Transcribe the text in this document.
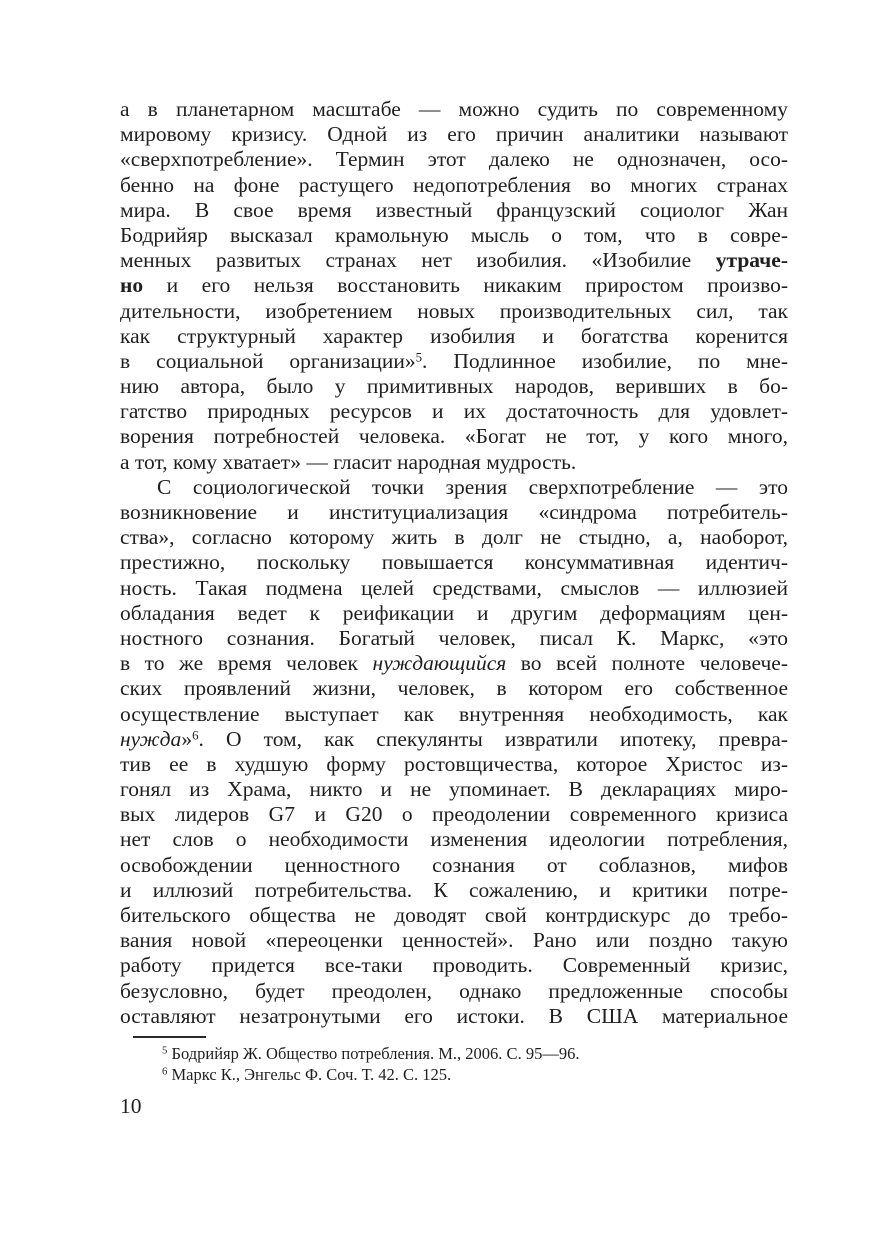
а в планетарном масштабе — можно судить по современному
мировому кризису. Одной из его причин аналитики называют
«сверхпотребление». Термин этот далеко не однозначен, осо-
бенно на фоне растущего недопотребления во многих странах
мира. В свое время известный французский социолог Жан
Бодрийяр высказал крамольную мысль о том, что в совре-
менных развитых странах нет изобилия. «Изобилие утраче-
но и его нельзя восстановить никаким приростом произво-
дительности, изобретением новых производительных сил, так
как структурный характер изобилия и богатства коренится
в социальной организации»$^5$. Подлинное изобилие, по мне-
нию автора, было у примитивных народов, веривших в бо-
гатство природных ресурсов и их достаточность для удовлет-
ворения потребностей человека. «Богат не тот, у кого много,
а тот, кому хватает» — гласит народная мудрость.
С социологической точки зрения сверхпотребление — это
возникновение и институциализация «синдрома потребитель-
ства», согласно которому жить в долг не стыдно, а, наоборот,
престижно, поскольку повышается консуммативная идентич-
ность. Такая подмена целей средствами, смыслов — иллюзией
обладания ведет к реификации и другим деформациям цен-
ностного сознания. Богатый человек, писал К. Маркс, «это
в то же время человек нуждающийся во всей полноте человече-
ских проявлений жизни, человек, в котором его собственное
осуществление выступает как внутренняя необходимость, как
нужда»$^6$. О том, как спекулянты извратили ипотеку, превра-
тив ее в худшую форму ростовщичества, которое Христос из-
гонял из Храма, никто и не упоминает. В декларациях миро-
вых лидеров G7 и G20 о преодолении современного кризиса
нет слов о необходимости изменения идеологии потребления,
освобождении ценностного сознания от соблазнов, мифов
и иллюзий потребительства. К сожалению, и критики потре-
бительского общества не доводят свой контрдискурс до требо-
вания новой «переоценки ценностей». Рано или поздно такую
работу придется все-таки проводить. Современный кризис,
безусловно, будет преодолен, однако предложенные способы
оставляют незатронутыми его истоки. В США материальное
$^5$ Бодрийяр Ж. Общество потребления. М., 2006. С. 95—96.
$^6$ Маркс К., Энгельс Ф. Соч. Т. 42. С. 125.
10
